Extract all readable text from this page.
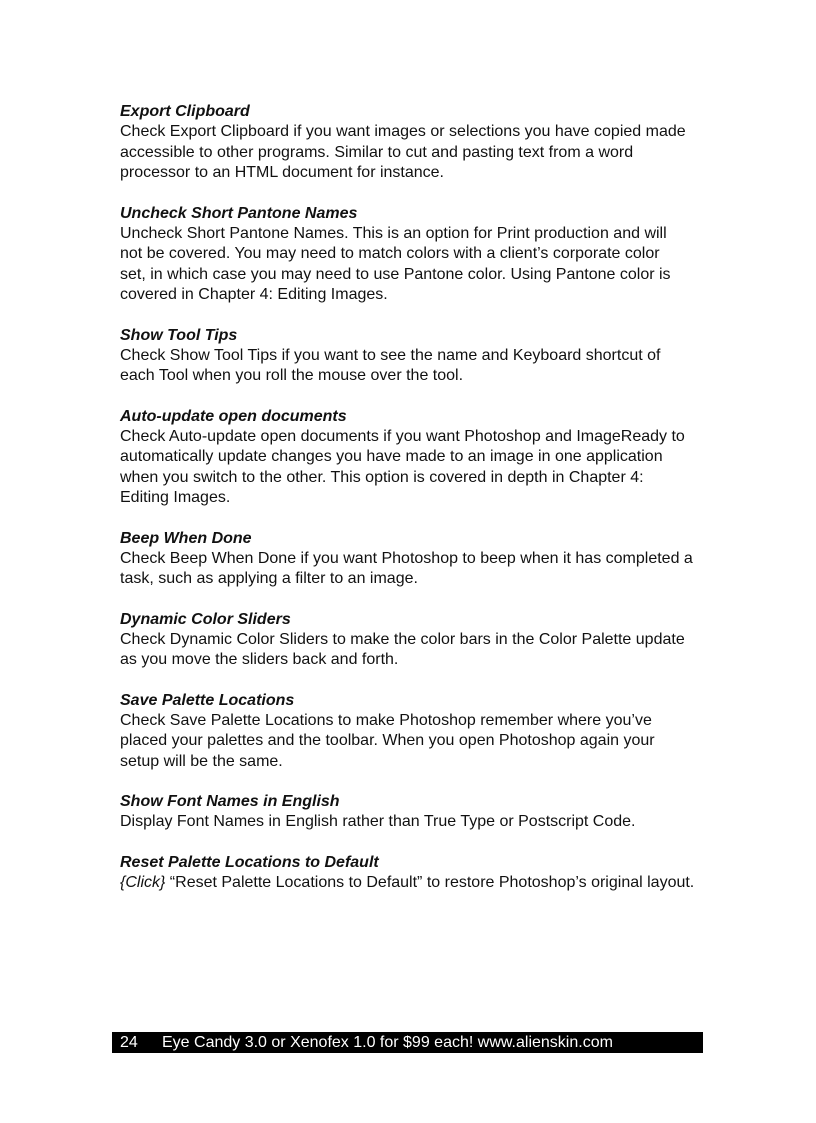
Export Clipboard

Check Export Clipboard if you want images or selections you have copied made
accessible to other programs. Similar to cut and pasting text from a word
processor to an HTML document for instance.

Uncheck Short Pantone Names

Uncheck Short Pantone Names. This is an option for Print production and will
not be covered. You may need to match colors with a client’s corporate color
set, in which case you may need to use Pantone color. Using Pantone color is
covered in Chapter 4: Editing Images.

Show Tool Tips

Check Show Tool Tips if you want to see the name and Keyboard shortcut of
each Tool when you roll the mouse over the tool.

Auto-update open documents

Check Auto-update open documents if you want Photoshop and ImageReady to
automatically update changes you have made to an image in one application
when you switch to the other. This option is covered in depth in Chapter 4:
Editing Images.

Beep When Done

Check Beep When Done if you want Photoshop to beep when it has completed a
task, such as applying a filter to an image.

Dynamic Color Sliders

Check Dynamic Color Sliders to make the color bars in the Color Palette update
as you move the sliders back and forth.

Save Palette Locations

Check Save Palette Locations to make Photoshop remember where you’ve
placed your palettes and the toolbar. When you open Photoshop again your
setup will be the same.

Show Font Names in English

Display Font Names in English rather than True Type or Postscript Code.

Reset Palette Locations to Default

{Click} “Reset Palette Locations to Default” to restore Photoshop’s original layout.

24 Eye Candy 3.0 or Xenofex 1.0 for $99 each! www.alienskin.com
